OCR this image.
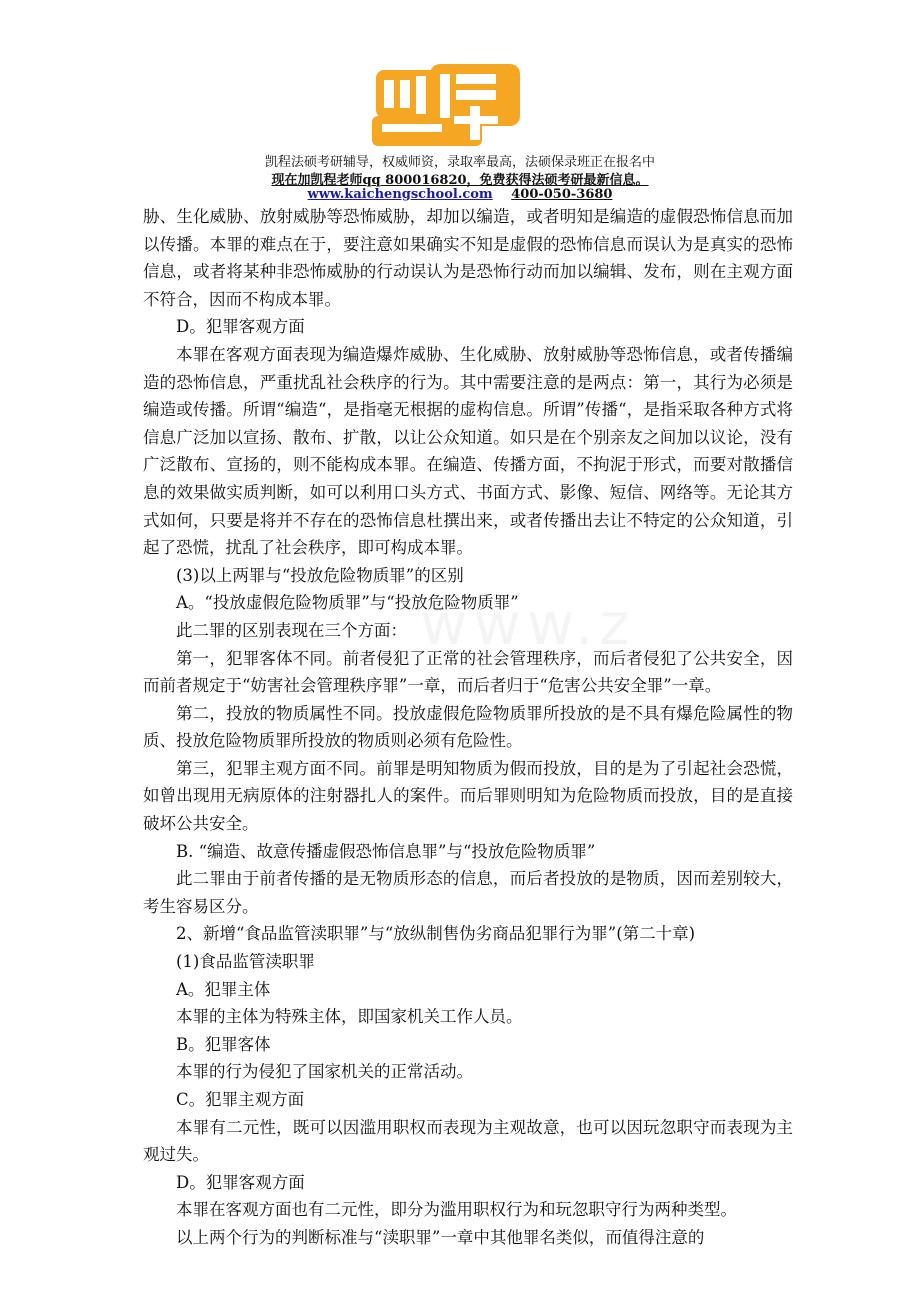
凯程
凯程法硕考研辅导，权威师资，录取率最高，法硕保录班正在报名中
现在加凯程老师qq 800016820，免费获得法硕考研最新信息。
www.kaichengschool.com 400-050-3680

胁、生化威胁、放射威胁等恐怖威胁，却加以编造，或者明知是编造的虚假恐怖信息而加以传播。本罪的难点在于，要注意如果确实不知是虚假的恐怖信息而误认为是真实的恐怖信息，或者将某种非恐怖威胁的行动误认为是恐怖行动而加以编辑、发布，则在主观方面不符合，因而不构成本罪。

D。犯罪客观方面

本罪在客观方面表现为编造爆炸威胁、生化威胁、放射威胁等恐怖信息，或者传播编造的恐怖信息，严重扰乱社会秩序的行为。其中需要注意的是两点：第一，其行为必须是编造或传播。所谓“编造“，是指毫无根据的虚构信息。所谓”传播“，是指采取各种方式将信息广泛加以宣扬、散布、扩散，以让公众知道。如只是在个别亲友之间加以议论，没有广泛散布、宣扬的，则不能构成本罪。在编造、传播方面，不拘泥于形式，而要对散播信息的效果做实质判断，如可以利用口头方式、书面方式、影像、短信、网络等。无论其方式如何，只要是将并不存在的恐怖信息杜撰出来，或者传播出去让不特定的公众知道，引起了恐慌，扰乱了社会秩序，即可构成本罪。

(3)以上两罪与“投放危险物质罪”的区别

A。“投放虚假危险物质罪”与“投放危险物质罪”

此二罪的区别表现在三个方面：

第一，犯罪客体不同。前者侵犯了正常的社会管理秩序，而后者侵犯了公共安全，因而前者规定于“妨害社会管理秩序罪”一章，而后者归于“危害公共安全罪”一章。

第二，投放的物质属性不同。投放虚假危险物质罪所投放的是不具有爆危险属性的物质、投放危险物质罪所投放的物质则必须有危险性。

第三，犯罪主观方面不同。前罪是明知物质为假而投放，目的是为了引起社会恐慌，如曾出现用无病原体的注射器扎人的案件。而后罪则明知为危险物质而投放，目的是直接破坏公共安全。

B. “编造、故意传播虚假恐怖信息罪”与“投放危险物质罪”

此二罪由于前者传播的是无物质形态的信息，而后者投放的是物质，因而差别较大，考生容易区分。

2、新增“食品监管渎职罪”与“放纵制售伪劣商品犯罪行为罪”(第二十章)

(1)食品监管渎职罪

A。犯罪主体

本罪的主体为特殊主体，即国家机关工作人员。

B。犯罪客体

本罪的行为侵犯了国家机关的正常活动。

C。犯罪主观方面

本罪有二元性，既可以因滥用职权而表现为主观故意，也可以因玩忽职守而表现为主观过失。

D。犯罪客观方面

本罪在客观方面也有二元性，即分为滥用职权行为和玩忽职守行为两种类型。

以上两个行为的判断标准与“渎职罪”一章中其他罪名类似，而值得注意的
